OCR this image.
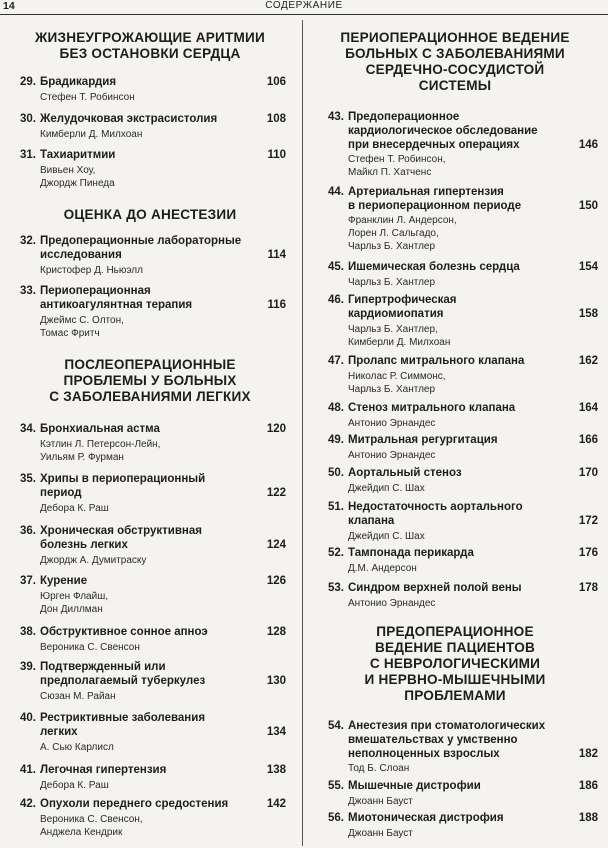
14	СОДЕРЖАНИЕ
ЖИЗНЕУГРОЖАЮЩИЕ АРИТМИИ
БЕЗ ОСТАНОВКИ СЕРДЦА
29. Брадикардия
Стефен Т. Робинсон
106
30. Желудочковая экстрасистолия
Кимберли Д. Милхоан
108
31. Тахиаритмии
Вивьен Хоу,
Джордж Пинеда
110
ОЦЕНКА ДО АНЕСТЕЗИИ
32. Предоперационные лабораторные
исследования
Кристофер Д. Ньюэлл
114
33. Периоперационная
антикоагулянтная терапия
Джеймс С. Олтон,
Томас Фритч
116
ПОСЛЕОПЕРАЦИОННЫЕ
ПРОБЛЕМЫ У БОЛЬНЫХ
С ЗАБОЛЕВАНИЯМИ ЛЕГКИХ
34. Бронхиальная астма
Кэтлин Л. Петерсон-Лейн,
Уильям Р. Фурман
120
35. Хрипы в периоперационный
период
Дебора К. Раш
122
36. Хроническая обструктивная
болезнь легких
Джордж А. Думитраску
124
37. Курение
Юрген Флайш,
Дон Диллман
126
38. Обструктивное сонное апноэ
Вероника С. Свенсон
128
39. Подтвержденный или
предполагаемый туберкулез
Сюзан М. Райан
130
40. Рестриктивные заболевания
легких
А. Сью Карлисл
134
41. Легочная гипертензия
Дебора К. Раш
138
42. Опухоли переднего средостения
Вероника С. Свенсон,
Анджела Кендрик
142
ПЕРИОПЕРАЦИОННОЕ ВЕДЕНИЕ
БОЛЬНЫХ С ЗАБОЛЕВАНИЯМИ
СЕРДЕЧНО-СОСУДИСТОЙ
СИСТЕМЫ
43. Предоперационное
кардиологическое обследование
при внесердечных операциях
Стефен Т. Робинсон,
Майкл П. Хатченс
146
44. Артериальная гипертензия
в периоперационном периоде
Франклин Л. Андерсон,
Лорен Л. Сальгадо,
Чарльз Б. Хантлер
150
45. Ишемическая болезнь сердца
Чарльз Б. Хантлер
154
46. Гипертрофическая
кардиомиопатия
Чарльз Б. Хантлер,
Кимберли Д. Милхоан
158
47. Пролапс митрального клапана
Николас Р. Симмонс,
Чарльз Б. Хантлер
162
48. Стеноз митрального клапана
Антонио Эрнандес
164
49. Митральная регургитация
Антонио Эрнандес
166
50. Аортальный стеноз
Джейдип С. Шах
170
51. Недостаточность аортального
клапана
Джейдип С. Шах
172
52. Тампонада перикарда
Д.М. Андерсон
176
53. Синдром верхней полой вены
Антонио Эрнандес
178
ПРЕДОПЕРАЦИОННОЕ
ВЕДЕНИЕ ПАЦИЕНТОВ
С НЕВРОЛОГИЧЕСКИМИ
И НЕРВНО-МЫШЕЧНЫМИ
ПРОБЛЕМАМИ
54. Анестезия при стоматологических
вмешательствах у умственно
неполноценных взрослых
Тод Б. Слоан
182
55. Мышечные дистрофии
Джоанн Бауст
186
56. Миотоническая дистрофия
Джоанн Бауст
188
